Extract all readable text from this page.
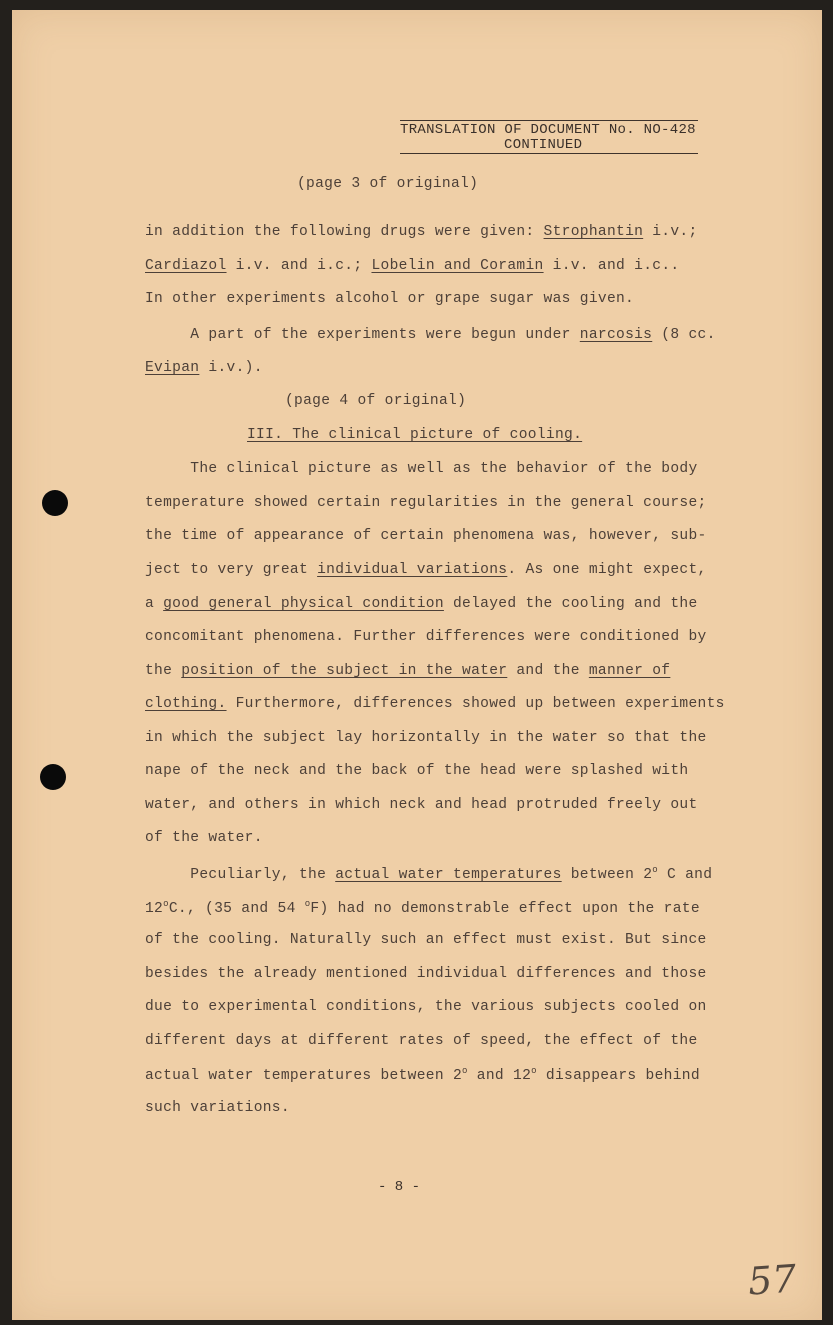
TRANSLATION OF DOCUMENT No. NO-428
CONTINUED
(page 3 of original)
in addition the following drugs were given: Strophantin i.v.;
Cardiazol i.v. and i.c.; Lobelin and Coramin i.v. and i.c..
In other experiments alcohol or grape sugar was given.
A part of the experiments were begun under narcosis (8 cc.
Evipan i.v.).
(page 4 of original)
III. The clinical picture of cooling.
The clinical picture as well as the behavior of the body
temperature showed certain regularities in the general course;
the time of appearance of certain phenomena was, however, sub-
ject to very great individual variations. As one might expect,
a good general physical condition delayed the cooling and the
concomitant phenomena. Further differences were conditioned by
the position of the subject in the water and the manner of
clothing. Furthermore, differences showed up between experiments
in which the subject lay horizontally in the water so that the
nape of the neck and the back of the head were splashed with
water, and others in which neck and head protruded freely out
of the water.
Peculiarly, the actual water temperatures between 2$^o$ C and
12$^o$C., (35 and 54 $^o$F) had no demonstrable effect upon the rate
of the cooling. Naturally such an effect must exist. But since
besides the already mentioned individual differences and those
due to experimental conditions, the various subjects cooled on
different days at different rates of speed, the effect of the
actual water temperatures between 2$^o$ and 12$^o$ disappears behind
such variations.
- 8 -
57
